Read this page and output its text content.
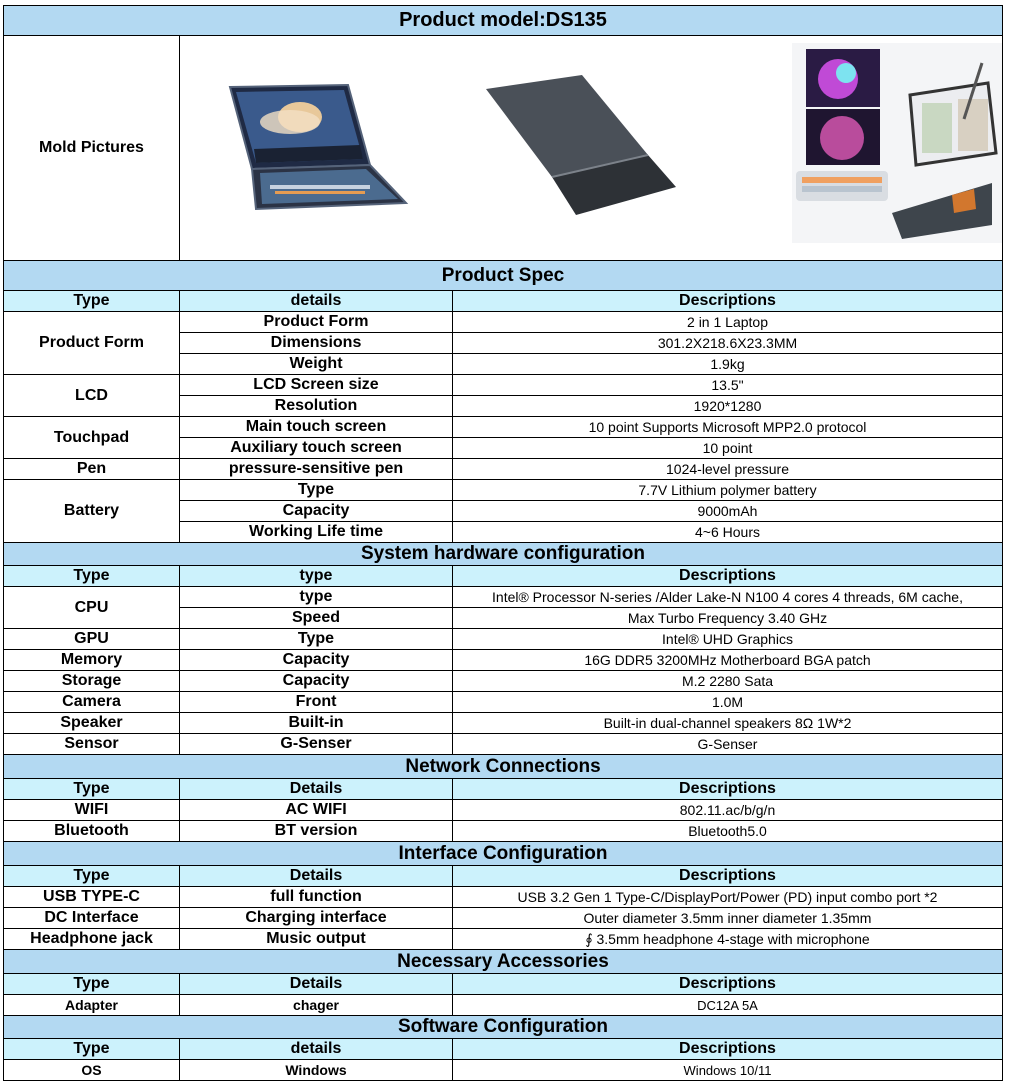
Product model:DS135		
Mold Pictures	

Product Spec		
Type	details	Descriptions
Product Form	Product Form	2 in 1 Laptop
	Dimensions	301.2X218.6X23.3MM
	Weight	1.9kg
LCD	LCD Screen size	13.5"
	Resolution	1920*1280
Touchpad	Main touch screen	10 point Supports Microsoft MPP2.0 protocol
	Auxiliary touch screen	10 point
Pen	pressure-sensitive pen	1024-level pressure
Battery	Type	7.7V Lithium polymer battery
	Capacity	9000mAh
	Working Life time	4~6 Hours
System hardware configuration		
Type	type	Descriptions
CPU	type	Intel® Processor N-series /Alder Lake-N N100 4 cores 4 threads, 6M cache,
	Speed	Max Turbo Frequency 3.40 GHz
GPU	Type	Intel® UHD Graphics
Memory	Capacity	16G DDR5 3200MHz Motherboard BGA patch
Storage	Capacity	M.2 2280 Sata
Camera	Front	1.0M
Speaker	Built-in	Built-in dual-channel speakers 8Ω 1W*2
Sensor	G-Senser	G-Senser
Network Connections		
Type	Details	Descriptions
WIFI	AC WIFI	802.11.ac/b/g/n
Bluetooth	BT version	Bluetooth5.0
Interface Configuration		
Type	Details	Descriptions
USB TYPE-C	full function	USB 3.2 Gen 1 Type-C/DisplayPort/Power (PD) input combo port *2
DC Interface	Charging interface	Outer diameter 3.5mm inner diameter 1.35mm
Headphone jack	Music output	∮ 3.5mm headphone 4-stage with microphone
Necessary Accessories		
Type	Details	Descriptions
Adapter	chager	DC12A 5A
Software Configuration		
Type	details	Descriptions
OS	Windows	Windows 10/11
